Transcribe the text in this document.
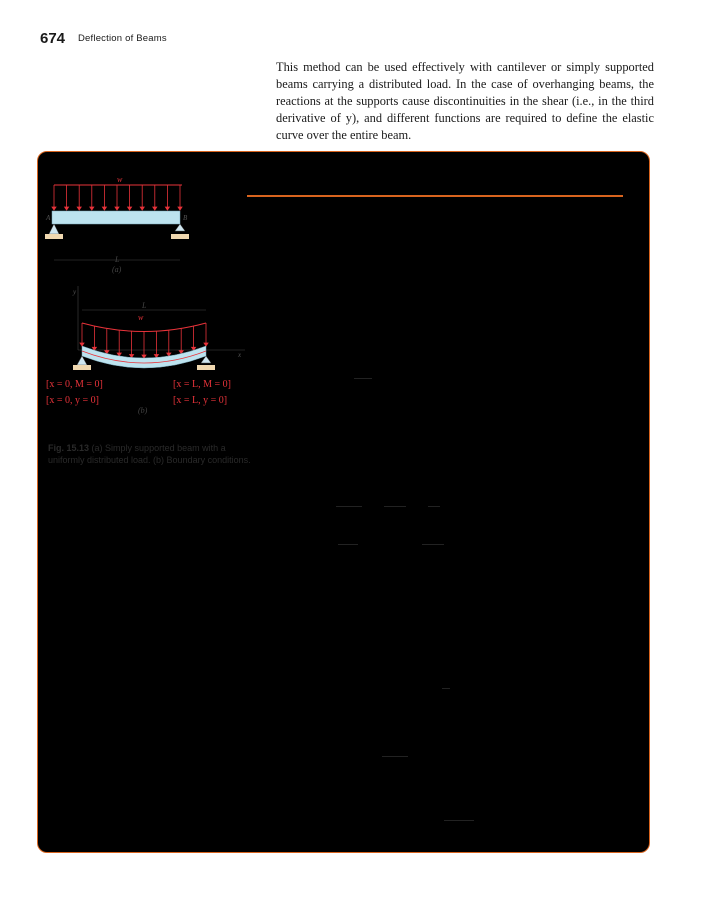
674 Deflection of Beams

This method can be used effectively with cantilever or simply supported beams carrying a distributed load. In the case of overhanging beams, the reactions at the supports cause discontinuities in the shear (i.e., in the third derivative of y), and different functions are required to define the elastic curve over the entire beam.

w
A	B
L
(a)
y
x
L
w
[x = 0, M = 0]
[x = 0, y = 0]
[x = L, M = 0]
[x = L, y = 0]
(b)
Fig. 15.13 (a) Simply supported beam with a uniformly distributed load. (b) Boundary conditions.
